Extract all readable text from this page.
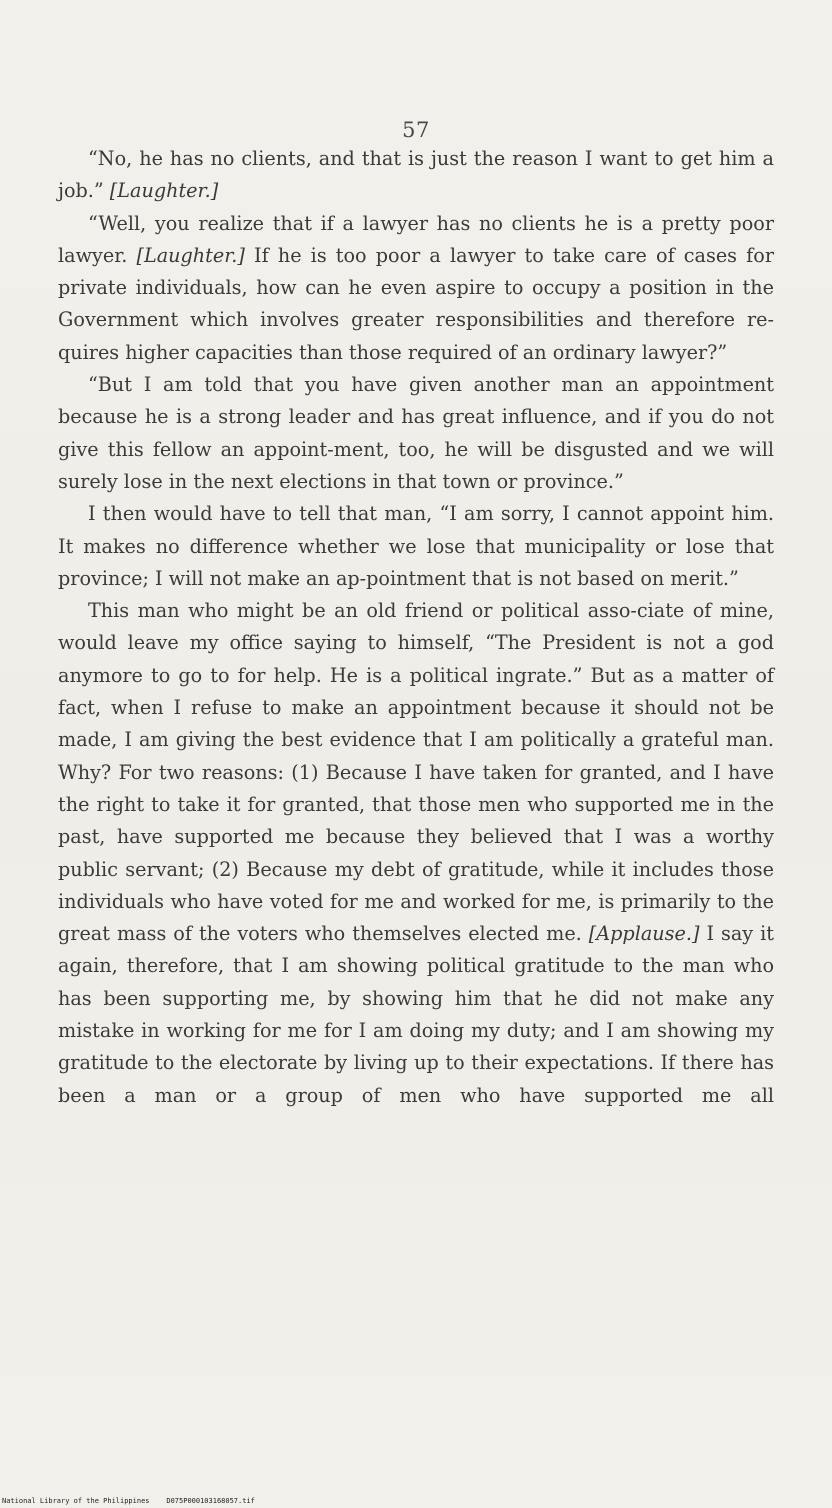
57

“No, he has no clients, and that is just the reason I want to get him a job.” [Laughter.]

“Well, you realize that if a lawyer has no clients he is a pretty poor lawyer. [Laughter.] If he is too poor a lawyer to take care of cases for private individuals, how can he even aspire to occupy a position in the Government which involves greater responsibilities and therefore re-quires higher capacities than those required of an ordinary lawyer?”

“But I am told that you have given another man an appointment because he is a strong leader and has great influence, and if you do not give this fellow an appoint-ment, too, he will be disgusted and we will surely lose in the next elections in that town or province.”

I then would have to tell that man, “I am sorry, I cannot appoint him. It makes no difference whether we lose that municipality or lose that province; I will not make an ap-pointment that is not based on merit.”

This man who might be an old friend or political asso-ciate of mine, would leave my office saying to himself, “The President is not a god anymore to go to for help. He is a political ingrate.” But as a matter of fact, when I refuse to make an appointment because it should not be made, I am giving the best evidence that I am politically a grateful man. Why? For two reasons: (1) Because I have taken for granted, and I have the right to take it for granted, that those men who supported me in the past, have supported me because they believed that I was a worthy public servant; (2) Because my debt of gratitude, while it includes those individuals who have voted for me and worked for me, is primarily to the great mass of the voters who themselves elected me. [Applause.] I say it again, therefore, that I am showing political gratitude to the man who has been supporting me, by showing him that he did not make any mistake in working for me for I am doing my duty; and I am showing my gratitude to the electorate by living up to their expectations. If there has been a man or a group of men who have supported me all

National Library of the Philippines D075P000103168057.tif
